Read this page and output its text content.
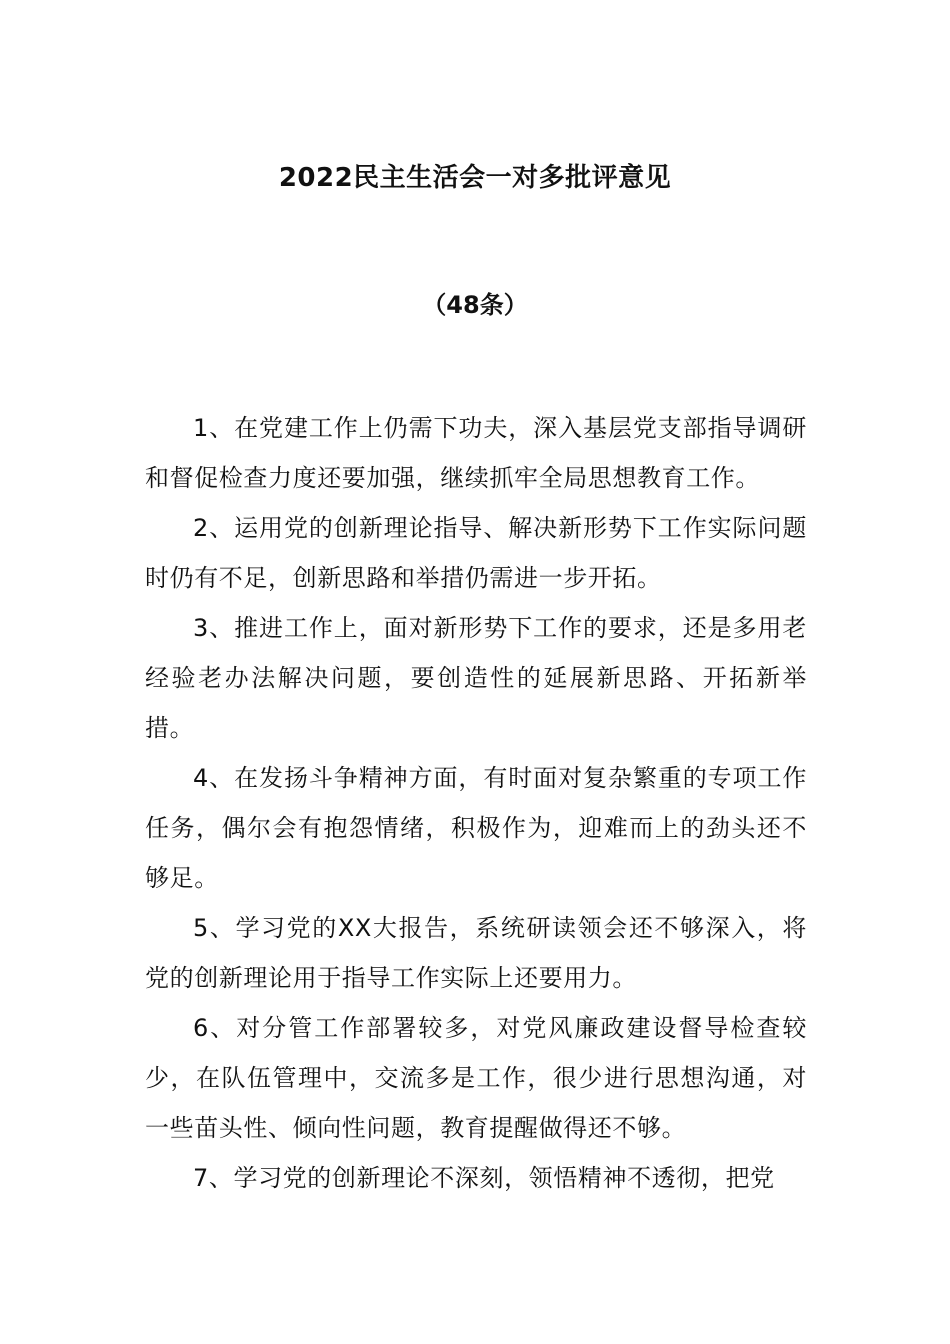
2022民主生活会一对多批评意见
（48条）

1、在党建工作上仍需下功夫，深入基层党支部指导调研和督促检查力度还要加强，继续抓牢全局思想教育工作。

2、运用党的创新理论指导、解决新形势下工作实际问题时仍有不足，创新思路和举措仍需进一步开拓。

3、推进工作上，面对新形势下工作的要求，还是多用老经验老办法解决问题，要创造性的延展新思路、开拓新举措。

4、在发扬斗争精神方面，有时面对复杂繁重的专项工作任务，偶尔会有抱怨情绪，积极作为，迎难而上的劲头还不够足。

5、学习党的XX大报告，系统研读领会还不够深入，将党的创新理论用于指导工作实际上还要用力。

6、对分管工作部署较多，对党风廉政建设督导检查较少，在队伍管理中，交流多是工作，很少进行思想沟通，对一些苗头性、倾向性问题，教育提醒做得还不够。

7、学习党的创新理论不深刻，领悟精神不透彻，把党
